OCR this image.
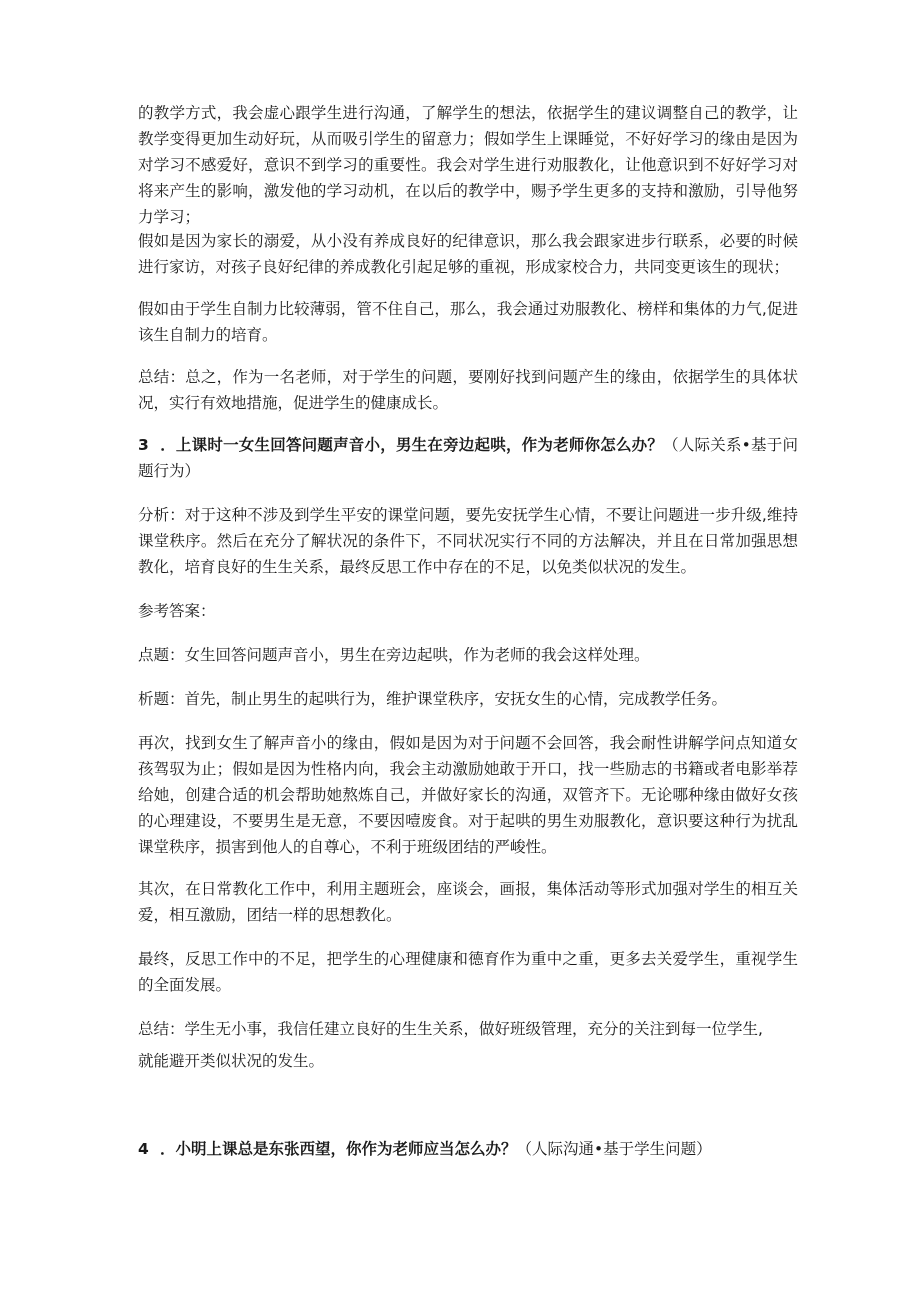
的教学方式，我会虚心跟学生进行沟通，了解学生的想法，依据学生的建议调整自己的教学，让教学变得更加生动好玩，从而吸引学生的留意力；假如学生上课睡觉，不好好学习的缘由是因为对学习不感爱好，意识不到学习的重要性。我会对学生进行劝服教化，让他意识到不好好学习对将来产生的影响，激发他的学习动机，在以后的教学中，赐予学生更多的支持和激励，引导他努力学习；

假如是因为家长的溺爱，从小没有养成良好的纪律意识，那么我会跟家进步行联系，必要的时候进行家访，对孩子良好纪律的养成教化引起足够的重视，形成家校合力，共同变更该生的现状；

假如由于学生自制力比较薄弱，管不住自己，那么，我会通过劝服教化、榜样和集体的力气,促进该生自制力的培育。

总结：总之，作为一名老师，对于学生的问题，要刚好找到问题产生的缘由，依据学生的具体状况，实行有效地措施，促进学生的健康成长。

3 ．上课时一女生回答问题声音小，男生在旁边起哄，作为老师你怎么办？（人际关系•基于问题行为）

分析：对于这种不涉及到学生平安的课堂问题，要先安抚学生心情，不要让问题进一步升级,维持课堂秩序。然后在充分了解状况的条件下，不同状况实行不同的方法解决，并且在日常加强思想教化，培育良好的生生关系，最终反思工作中存在的不足，以免类似状况的发生。

参考答案：

点题：女生回答问题声音小，男生在旁边起哄，作为老师的我会这样处理。

析题：首先，制止男生的起哄行为，维护课堂秩序，安抚女生的心情，完成教学任务。

再次，找到女生了解声音小的缘由，假如是因为对于问题不会回答，我会耐性讲解学问点知道女孩驾驭为止；假如是因为性格内向，我会主动激励她敢于开口，找一些励志的书籍或者电影举荐给她，创建合适的机会帮助她熬炼自己，并做好家长的沟通，双管齐下。无论哪种缘由做好女孩的心理建设，不要男生是无意，不要因噎废食。对于起哄的男生劝服教化，意识要这种行为扰乱课堂秩序，损害到他人的自尊心，不利于班级团结的严峻性。

其次，在日常教化工作中，利用主题班会，座谈会，画报，集体活动等形式加强对学生的相互关爱，相互激励，团结一样的思想教化。

最终，反思工作中的不足，把学生的心理健康和德育作为重中之重，更多去关爱学生，重视学生的全面发展。

总结：学生无小事，我信任建立良好的生生关系，做好班级管理，充分的关注到每一位学生,

就能避开类似状况的发生。

4 ．小明上课总是东张西望，你作为老师应当怎么办？（人际沟通•基于学生问题）
